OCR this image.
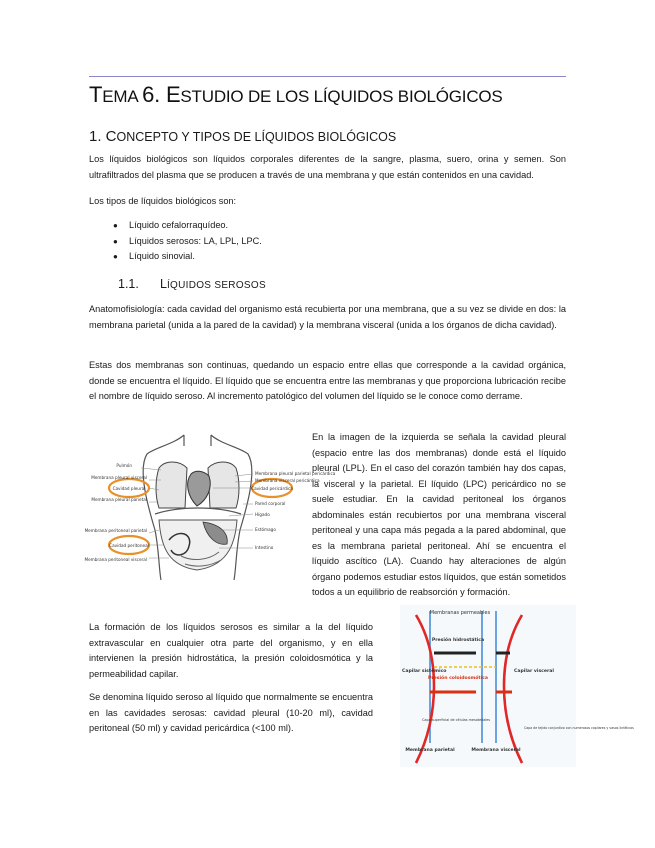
TEMA 6. ESTUDIO DE LOS LÍQUIDOS BIOLÓGICOS
1. CONCEPTO Y TIPOS DE LÍQUIDOS BIOLÓGICOS

Los líquidos biológicos son líquidos corporales diferentes de la sangre, plasma, suero, orina y semen. Son ultrafiltrados del plasma que se producen a través de una membrana y que están contenidos en una cavidad.

Los tipos de líquidos biológicos son:

● Líquido cefalorraquídeo.
● Líquidos serosos: LA, LPL, LPC.
● Líquido sinovial.
1.1. LÍQUIDOS SEROSOS

Anatomofisiología: cada cavidad del organismo está recubierta por una membrana, que a su vez se divide en dos: la membrana parietal (unida a la pared de la cavidad) y la membrana visceral (unida a los órganos de dicha cavidad).

Estas dos membranas son continuas, quedando un espacio entre ellas que corresponde a la cavidad orgánica, donde se encuentra el líquido. El líquido que se encuentra entre las membranas y que proporciona lubricación recibe el nombre de líquido seroso. Al incremento patológico del volumen del líquido se le conoce como derrame.

Pulmón
Membrana pleural visceral
Cavidad pleural
Membrana pleural parietal
Membrana peritoneal parietal
Cavidad peritoneal
Membrana peritoneal visceral
Membrana pleural parietal pericárdica
Membrana visceral pericárdica
Cavidad pericárdica
Pared corporal
Hígado
Estómago
Intestino

En la imagen de la izquierda se señala la cavidad pleural (espacio entre las dos membranas) donde está el líquido pleural (LPL). En el caso del corazón también hay dos capas, la visceral y la parietal. El líquido (LPC) pericárdico no se suele estudiar. En la cavidad peritoneal los órganos abdominales están recubiertos por una membrana visceral peritoneal y una capa más pegada a la pared abdominal, que es la membrana parietal peritoneal. Ahí se encuentra el líquido ascítico (LA). Cuando hay alteraciones de algún órgano podemos estudiar estos líquidos, que están sometidos todos a un equilibrio de reabsorción y formación.

La formación de los líquidos serosos es similar a la del líquido extravascular en cualquier otra parte del organismo, y en ella intervienen la presión hidrostática, la presión coloidosmótica y la permeabilidad capilar.

Se denomina líquido seroso al líquido que normalmente se encuentra en las cavidades serosas: cavidad pleural (10-20 ml), cavidad peritoneal (50 ml) y cavidad pericárdica (<100 ml).

Membranas permeables
Presión hidrostática
Presión coloidosmótica
Capilar sistémico	Capilar visceral
Capa superficial de células mesoteliales
Capa de tejido conjuntivo con numerosos capilares y vasos linfáticos
Membrana parietal	Membrana visceral
